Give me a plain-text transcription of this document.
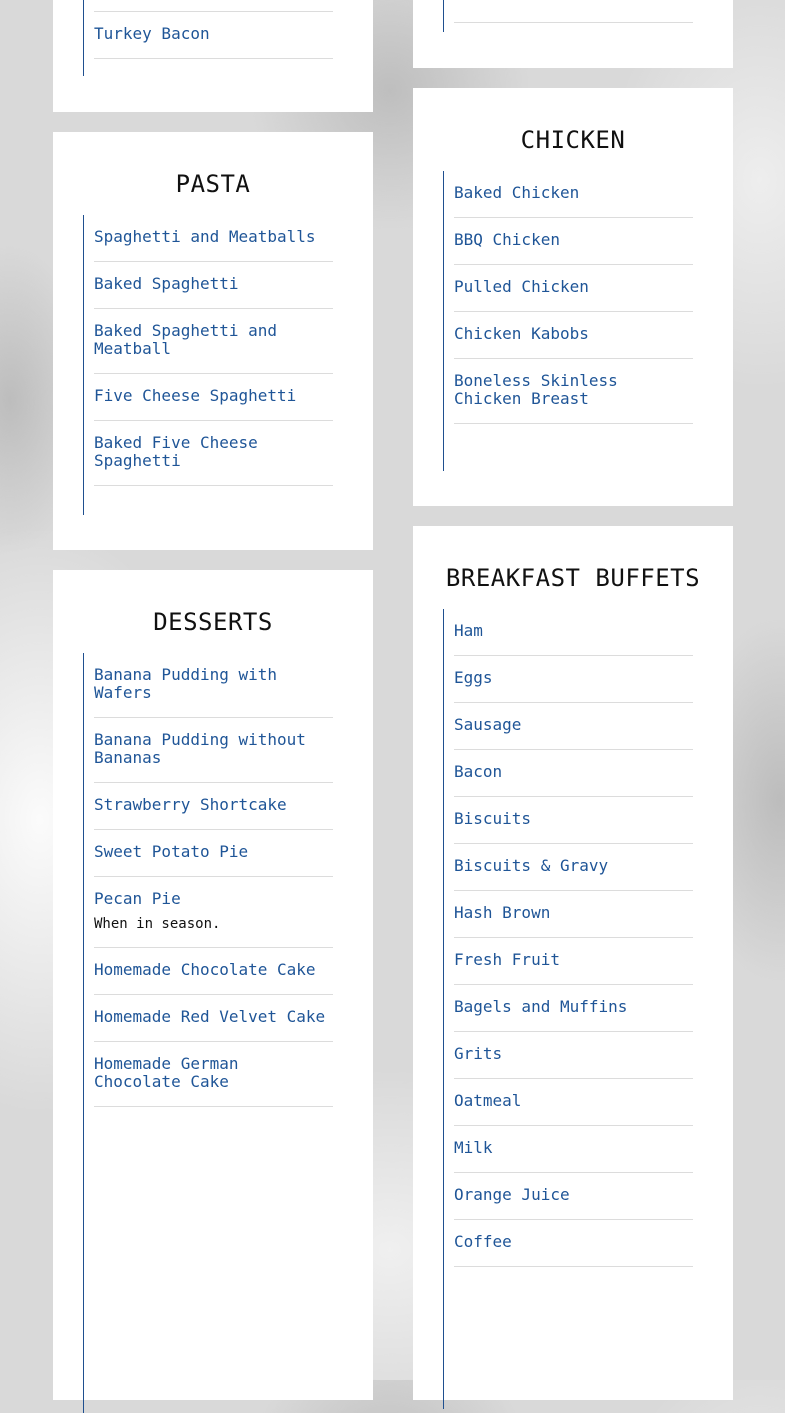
Turkey Bacon
PASTA
Spaghetti and Meatballs
Baked Spaghetti
Baked Spaghetti and Meatball
Five Cheese Spaghetti
Baked Five Cheese Spaghetti
CHICKEN
Baked Chicken
BBQ Chicken
Pulled Chicken
Chicken Kabobs
Boneless Skinless Chicken Breast
DESSERTS
Banana Pudding with Wafers
Banana Pudding without Bananas
Strawberry Shortcake
Sweet Potato Pie
Pecan Pie
When in season.
Homemade Chocolate Cake
Homemade Red Velvet Cake
Homemade German Chocolate Cake
BREAKFAST BUFFETS
Ham
Eggs
Sausage
Bacon
Biscuits
Biscuits & Gravy
Hash Brown
Fresh Fruit
Bagels and Muffins
Grits
Oatmeal
Milk
Orange Juice
Coffee
